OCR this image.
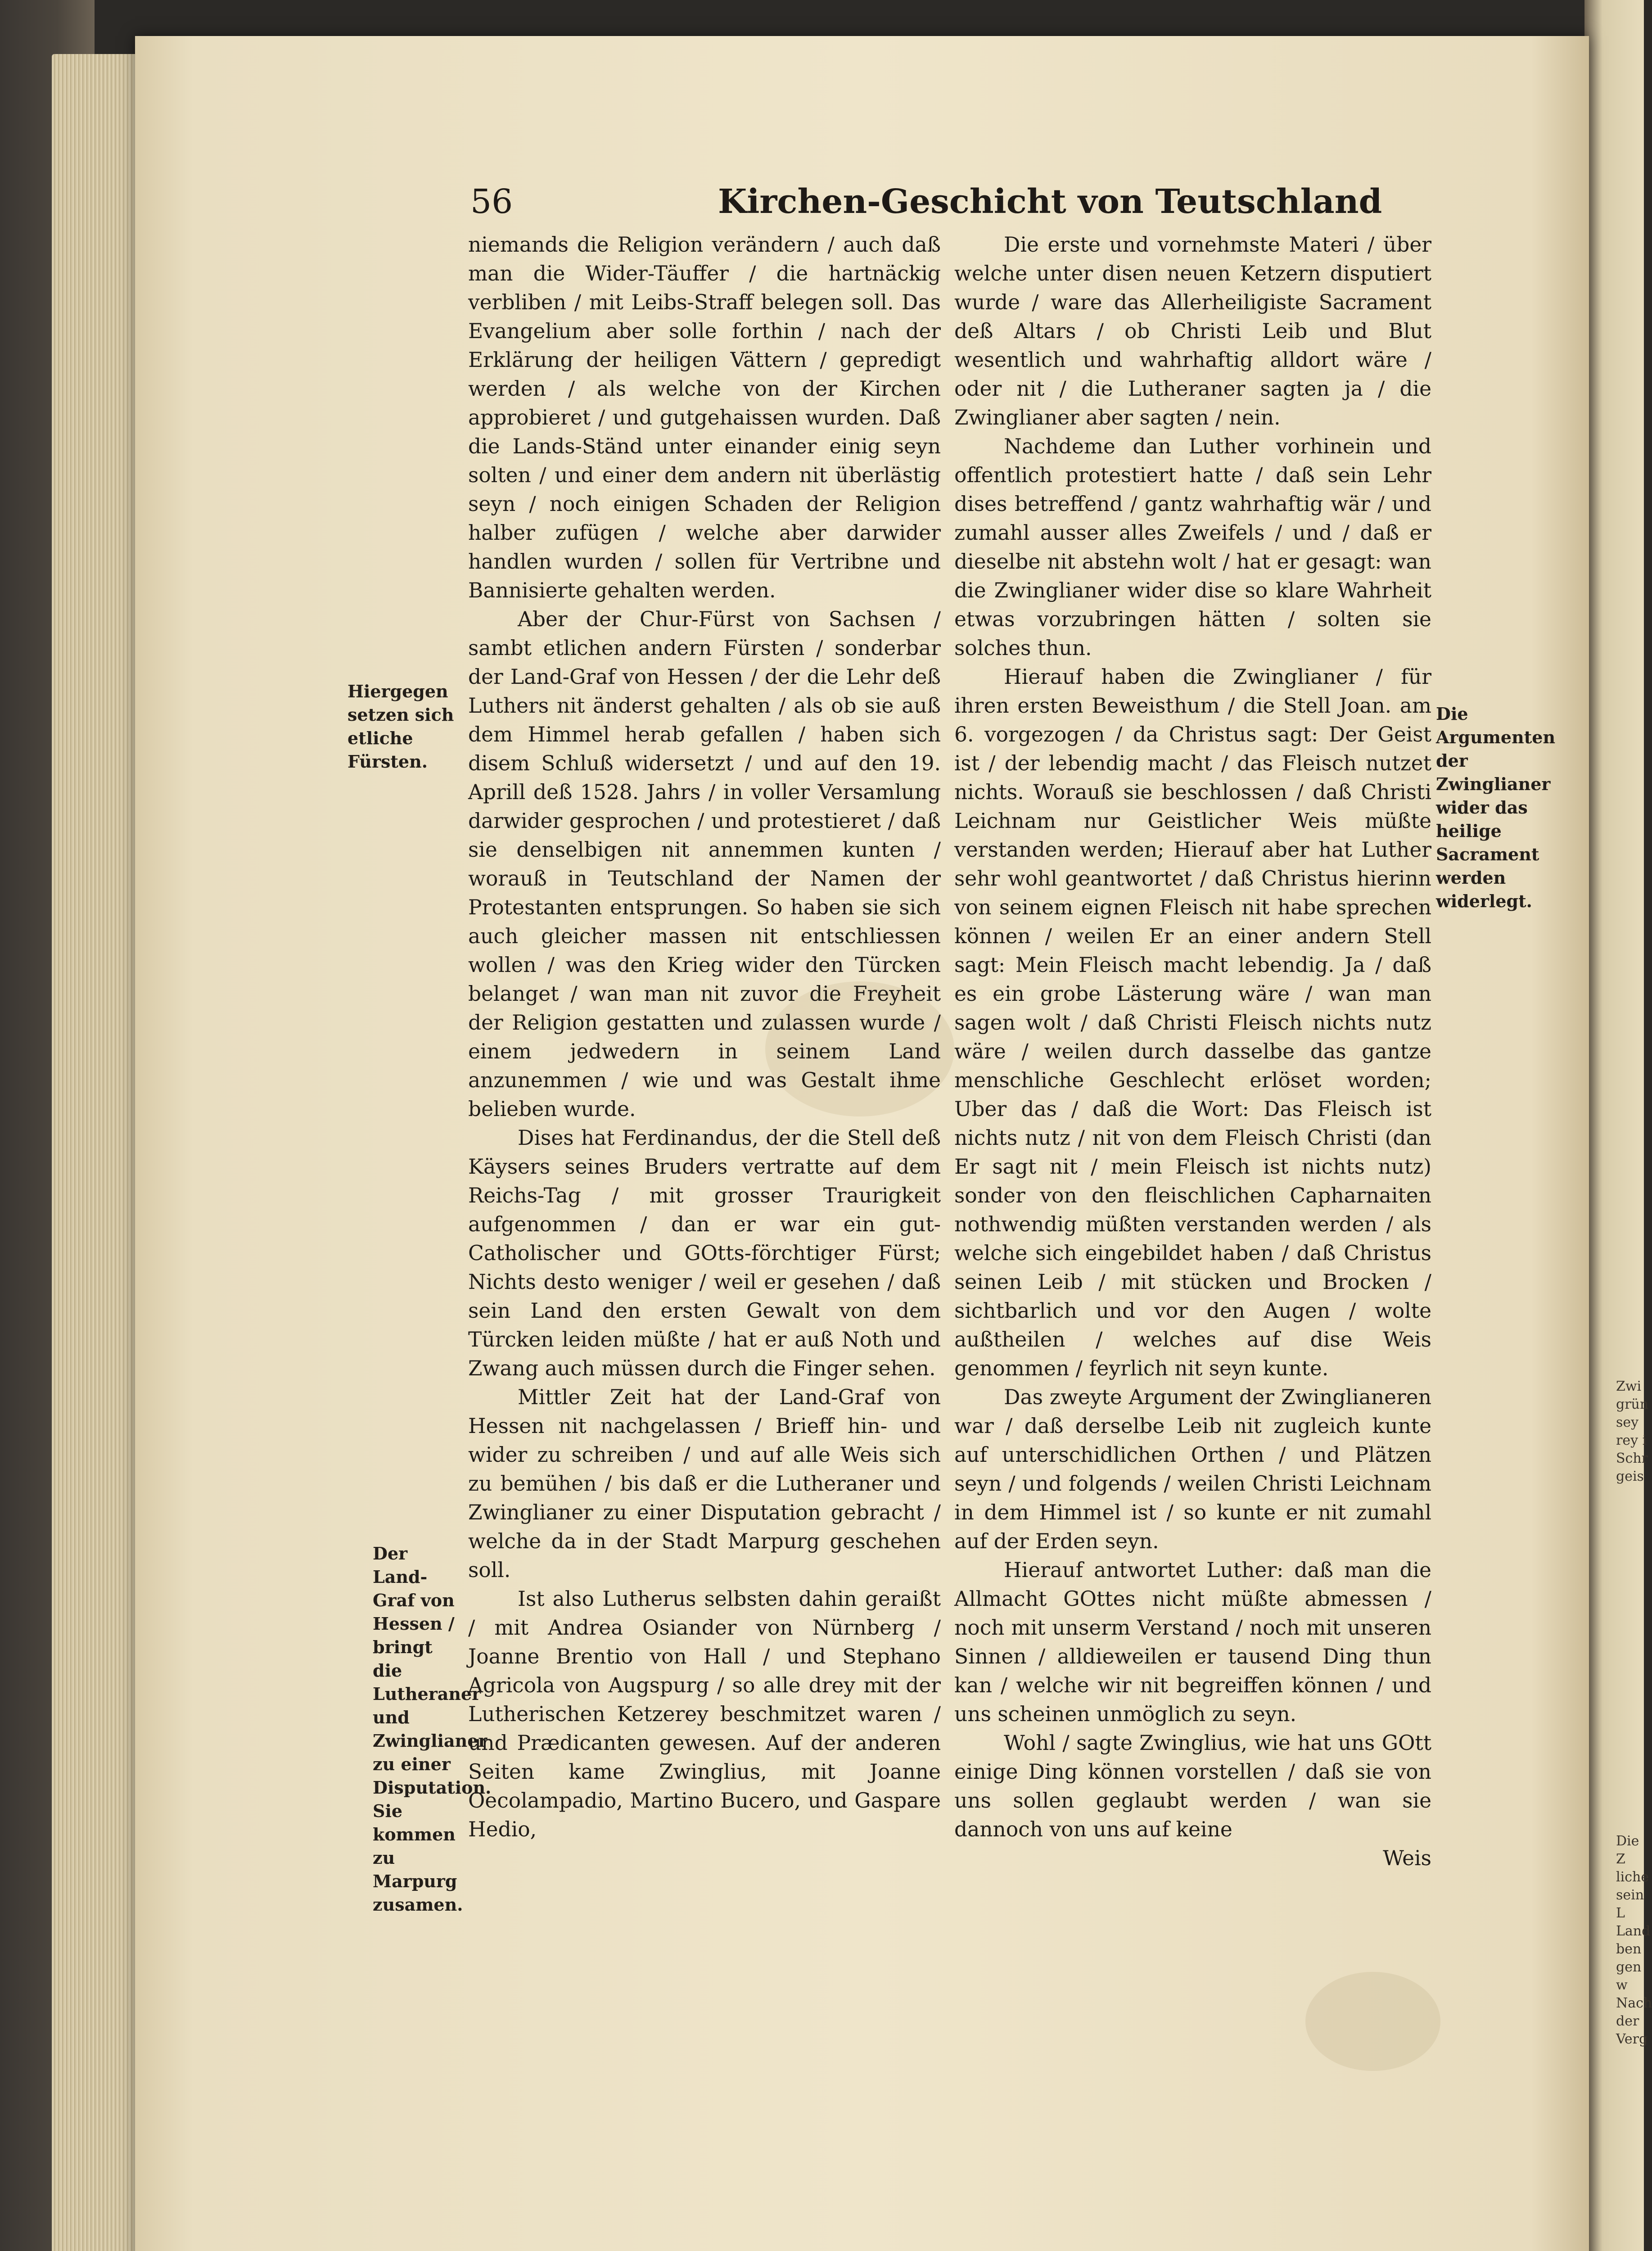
56	Kirchen-Geschicht von Teutschland

niemands die Religion verändern / auch daß man die Wider-Täuffer / die hartnäckig verbliben / mit Leibs-Straff belegen soll. Das Evangelium aber solle forthin / nach der Erklärung der heiligen Vättern / gepredigt werden / als welche von der Kirchen approbieret / und gutgehaissen wurden. Daß die Lands-Ständ unter einander einig seyn solten / und einer dem andern nit überlästig seyn / noch einigen Schaden der Religion halber zufügen / welche aber darwider handlen wurden / sollen für Vertribne und Bannisierte gehalten werden.

Aber der Chur-Fürst von Sachsen / sambt etlichen andern Fürsten / sonderbar der Land-Graf von Hessen / der die Lehr deß Luthers nit änderst gehalten / als ob sie auß dem Himmel herab gefallen / haben sich disem Schluß widersetzt / und auf den 19. Aprill deß 1528. Jahrs / in voller Versamlung darwider gesprochen / und protestieret / daß sie denselbigen nit annemmen kunten / worauß in Teutschland der Namen der Protestanten entsprungen. So haben sie sich auch gleicher massen nit entschliessen wollen / was den Krieg wider den Türcken belanget / wan man nit zuvor die Freyheit der Religion gestatten und zulassen wurde / einem jedwedern in seinem Land anzunemmen / wie und was Gestalt ihme belieben wurde.

Dises hat Ferdinandus, der die Stell deß Käysers seines Bruders vertratte auf dem Reichs-Tag / mit grosser Traurigkeit aufgenommen / dan er war ein gut-Catholischer und GOtts-förchtiger Fürst; Nichts desto weniger / weil er gesehen / daß sein Land den ersten Gewalt von dem Türcken leiden müßte / hat er auß Noth und Zwang auch müssen durch die Finger sehen.

Mittler Zeit hat der Land-Graf von Hessen nit nachgelassen / Brieff hin- und wider zu schreiben / und auf alle Weis sich zu bemühen / bis daß er die Lutheraner und Zwinglianer zu einer Disputation gebracht / welche da in der Stadt Marpurg geschehen soll.

Ist also Lutherus selbsten dahin geraißt / mit Andrea Osiander von Nürnberg / Joanne Brentio von Hall / und Stephano Agricola von Augspurg / so alle drey mit der Lutherischen Ketzerey beschmitzet waren / und Prædicanten gewesen. Auf der anderen Seiten kame Zwinglius, mit Joanne Oecolampadio, Martino Bucero, und Gaspare Hedio,

Die erste und vornehmste Materi / über welche unter disen neuen Ketzern disputiert wurde / ware das Allerheiligiste Sacrament deß Altars / ob Christi Leib und Blut wesentlich und wahrhaftig alldort wäre / oder nit / die Lutheraner sagten ja / die Zwinglianer aber sagten / nein.

Nachdeme dan Luther vorhinein und offentlich protestiert hatte / daß sein Lehr dises betreffend / gantz wahrhaftig wär / und zumahl ausser alles Zweifels / und / daß er dieselbe nit abstehn wolt / hat er gesagt: wan die Zwinglianer wider dise so klare Wahrheit etwas vorzubringen hätten / solten sie solches thun.

Hierauf haben die Zwinglianer / für ihren ersten Beweisthum / die Stell Joan. am 6. vorgezogen / da Christus sagt: Der Geist ist / der lebendig macht / das Fleisch nutzet nichts. Worauß sie beschlossen / daß Christi Leichnam nur Geistlicher Weis müßte verstanden werden; Hierauf aber hat Luther sehr wohl geantwortet / daß Christus hierinn von seinem eignen Fleisch nit habe sprechen können / weilen Er an einer andern Stell sagt: Mein Fleisch macht lebendig. Ja / daß es ein grobe Lästerung wäre / wan man sagen wolt / daß Christi Fleisch nichts nutz wäre / weilen durch dasselbe das gantze menschliche Geschlecht erlöset worden; Uber das / daß die Wort: Das Fleisch ist nichts nutz / nit von dem Fleisch Christi (dan Er sagt nit / mein Fleisch ist nichts nutz) sonder von den fleischlichen Capharnaiten nothwendig müßten verstanden werden / als welche sich eingebildet haben / daß Christus seinen Leib / mit stücken und Brocken / sichtbarlich und vor den Augen / wolte außtheilen / welches auf dise Weis genommen / feyrlich nit seyn kunte.

Das zweyte Argument der Zwinglianeren war / daß derselbe Leib nit zugleich kunte auf unterschidlichen Orthen / und Plätzen seyn / und folgends / weilen Christi Leichnam in dem Himmel ist / so kunte er nit zumahl auf der Erden seyn.

Hierauf antwortet Luther: daß man die Allmacht GOttes nicht müßte abmessen / noch mit unserm Verstand / noch mit unseren Sinnen / alldieweilen er tausend Ding thun kan / welche wir nit begreiffen können / und uns scheinen unmöglich zu seyn.

Wohl / sagte Zwinglius, wie hat uns GOtt einige Ding können vorstellen / daß sie von uns sollen geglaubt werden / wan sie dannoch von uns auf keine

Weis

Hiergegen setzen sich etliche Fürsten.
Der Land-Graf von Hessen / bringt die Lutheraner und Zwinglianer zu einer Disputation. Sie kommen zu Marpurg zusamen.
Die Argumenten der Zwinglianer wider das heilige Sacrament werden widerlegt.
Zwi
grün
sey
rey i
Schr
geis
Die Z
liche
sein L
Land
ben
gen w
Nach
der
Verg
